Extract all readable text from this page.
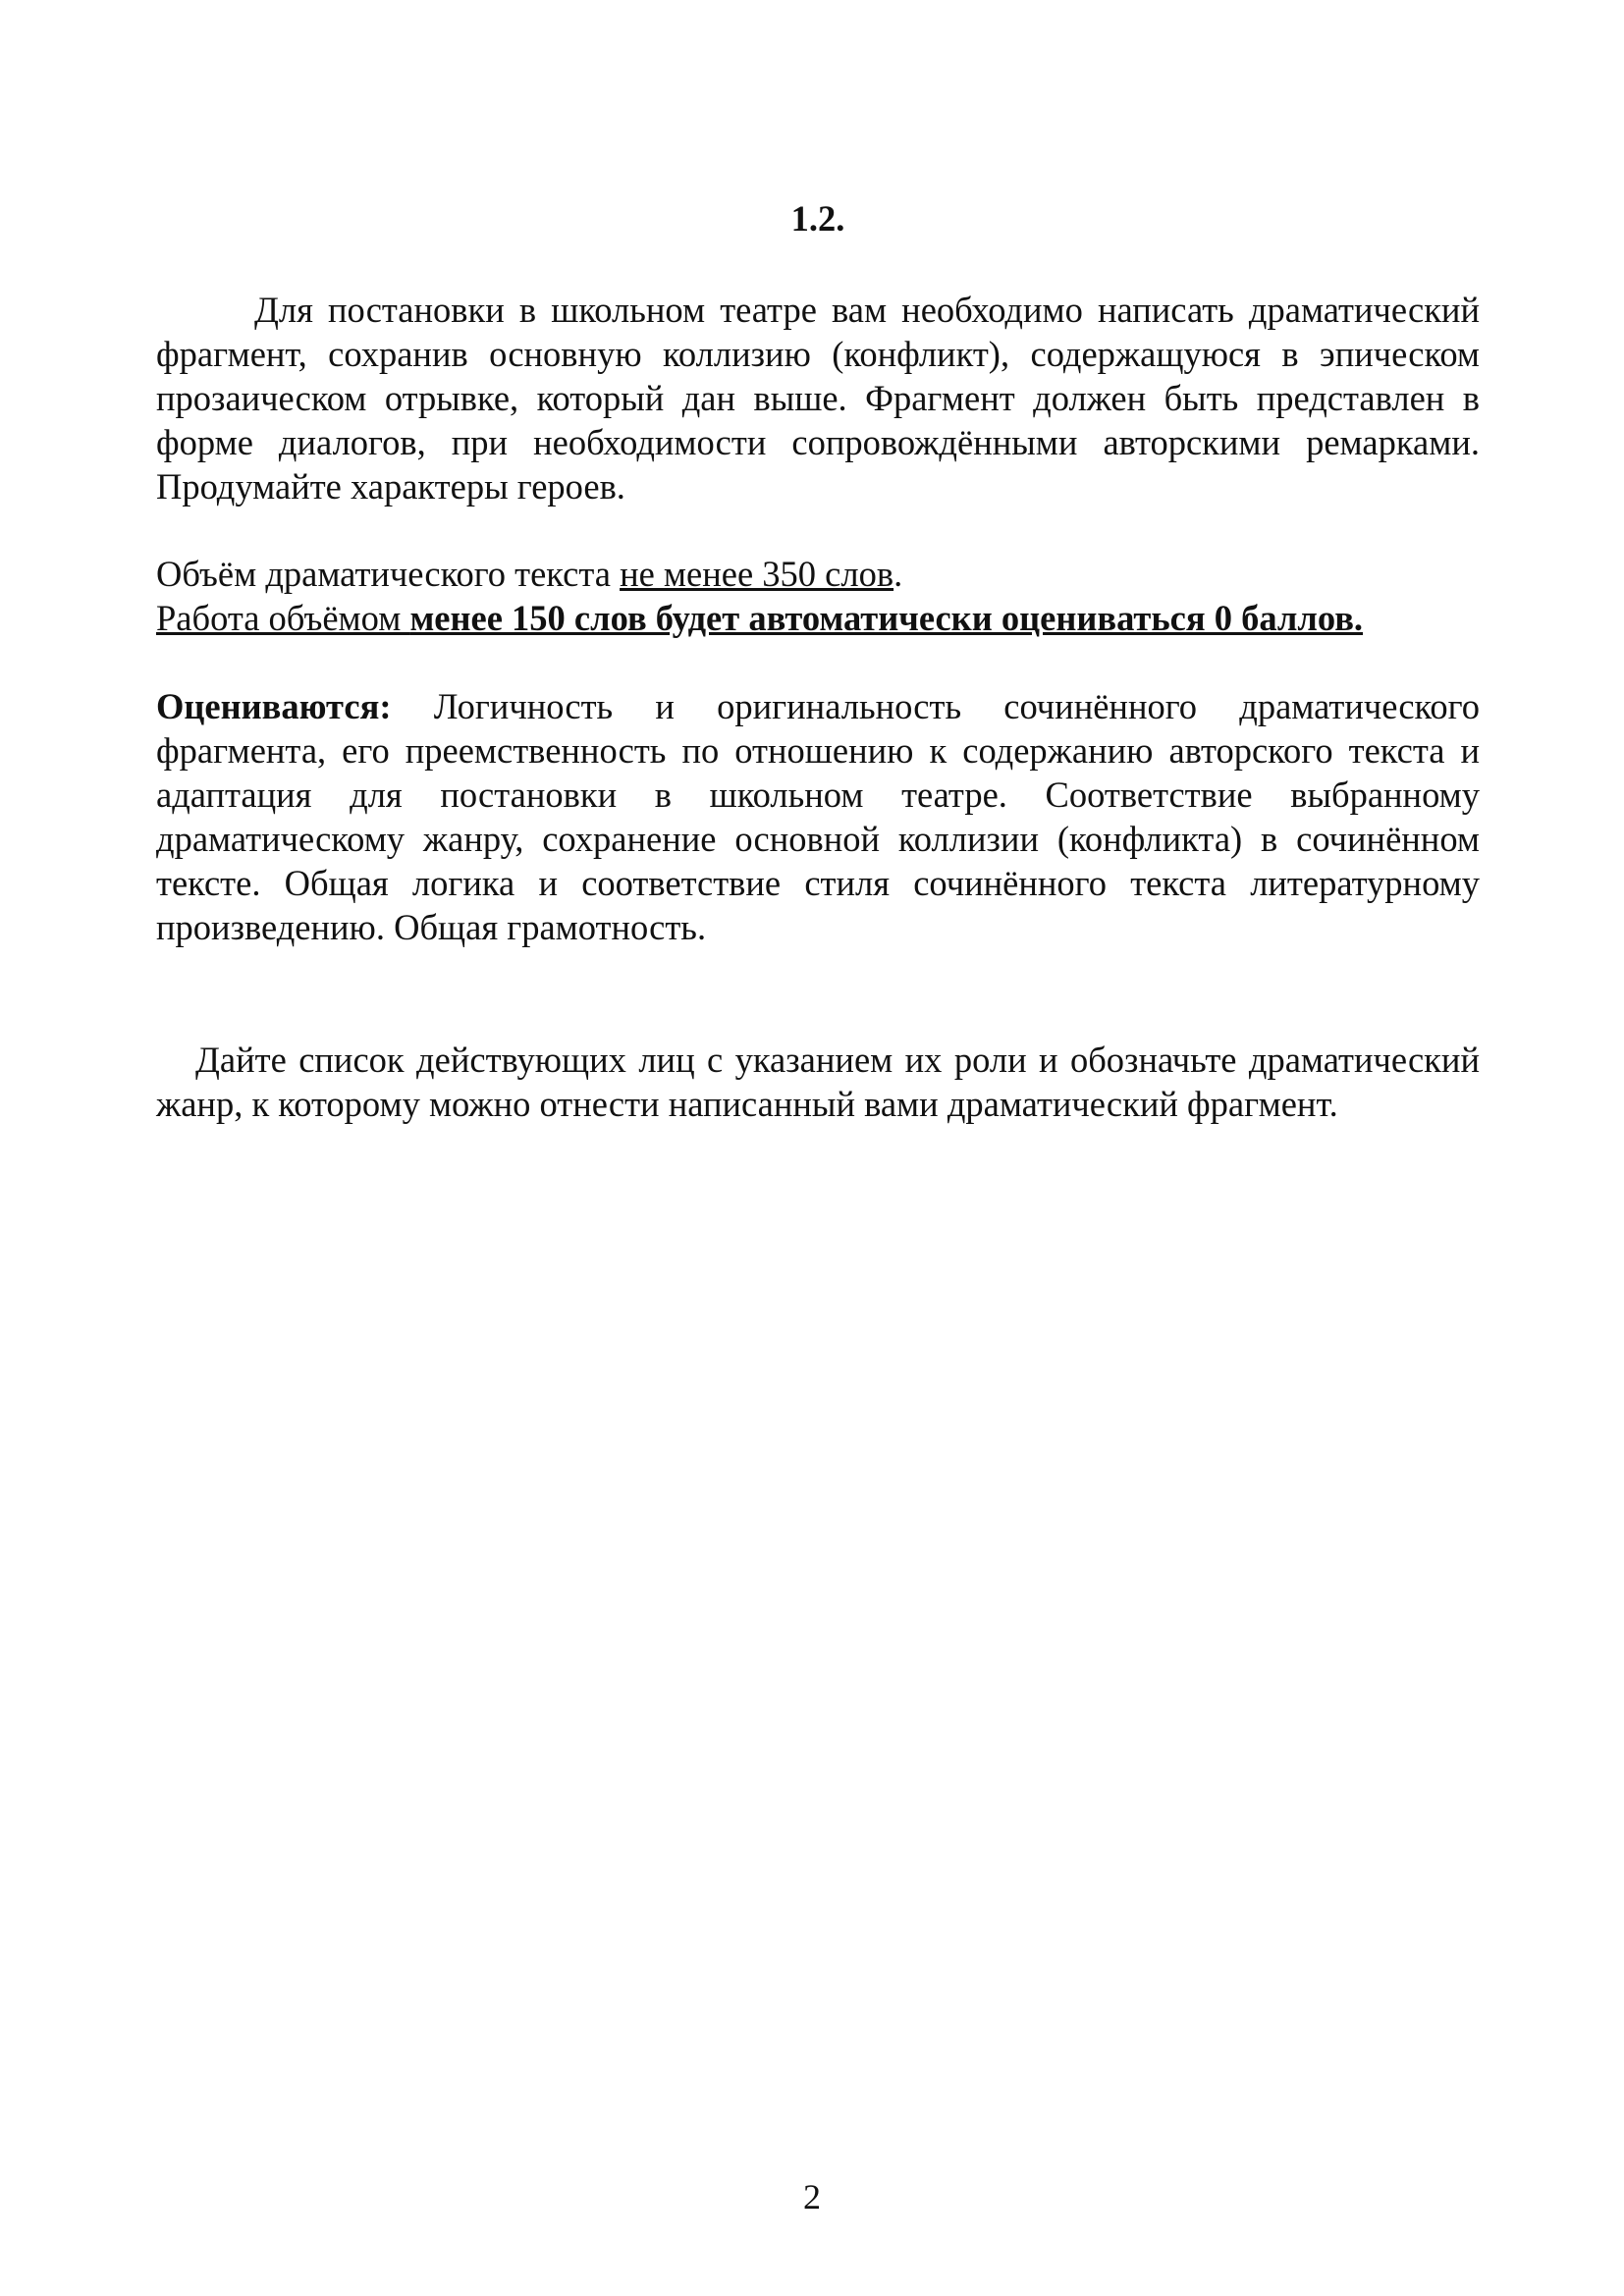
1.2.

Для постановки в школьном театре вам необходимо написать драматический фрагмент, сохранив основную коллизию (конфликт), содержащуюся в эпическом прозаическом отрывке, который дан выше. Фрагмент должен быть представлен в форме диалогов, при необходимости сопровождёнными авторскими ремарками. Продумайте характеры героев.

Объём драматического текста не менее 350 слов.
Работа объёмом менее 150 слов будет автоматически оцениваться 0 баллов.

Оцениваются: Логичность и оригинальность сочинённого драматического фрагмента, его преемственность по отношению к содержанию авторского текста и адаптация для постановки в школьном театре. Соответствие выбранному драматическому жанру, сохранение основной коллизии (конфликта) в сочинённом тексте. Общая логика и соответствие стиля сочинённого текста литературному произведению. Общая грамотность.

Дайте список действующих лиц с указанием их роли и обозначьте драматический жанр, к которому можно отнести написанный вами драматический фрагмент.

2
